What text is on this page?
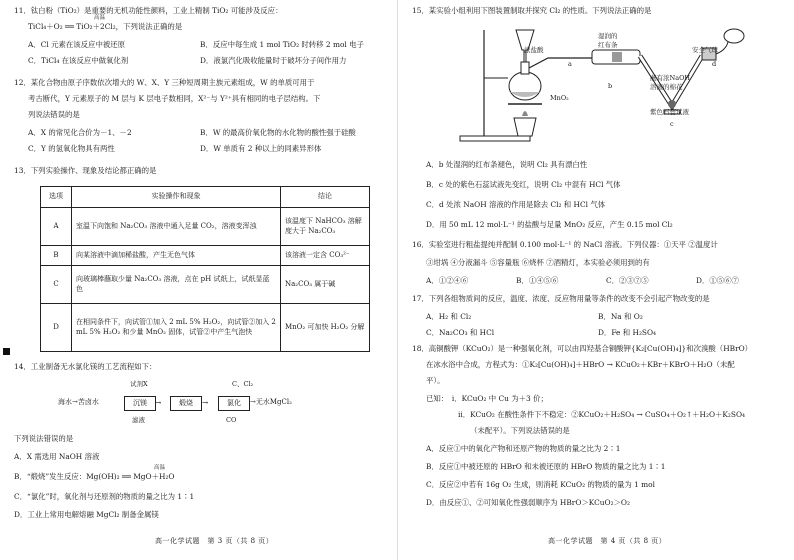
11．钛白粉（TiO₂）是重要的无机功能性颜料，工业上精制 TiO₂ 可能涉及反应：
高温
TiCl₄＋O₂ ══ TiO₂＋2Cl₂，下列说法正确的是
A．Cl 元素在该反应中被还原	B．反应中每生成 1 mol TiO₂ 时转移 2 mol 电子
C．TiCl₄ 在该反应中做氧化剂	D．液氯汽化吸收能量时于破坏分子间作用力
12．某化合物由原子序数依次增大的 W、X、Y 三种短周期主族元素组成，W 的单质可用于
考古断代，Y 元素原子的 M 层与 K 层电子数相同，X²⁻与 Y²⁺具有相同的电子层结构。下
列说法错误的是
A．X 的常见化合价为－1、－2	B．W 的最高价氧化物的水化物的酸性强于硅酸
C．Y 的氢氧化物具有两性	D．W 单质有 2 种以上的同素异形体
13．下列实验操作、现象及结论都正确的是
选项	实验操作和现象	结论
A	室温下向饱和 Na₂CO₃ 溶液中通入足量 CO₂，溶液变浑浊	该温度下 NaHCO₃ 溶解度大于 Na₂CO₃
B	向某溶液中滴加稀盐酸，产生无色气体	该溶液一定含 CO₃²⁻
C	向玻璃棒蘸取少量 Na₂CO₃ 溶液，点在 pH 试纸上，试纸显蓝色	Na₂CO₃ 属于碱
D	在相同条件下，向试管①加入 2 mL 5% H₂O₂，向试管②加入 2 mL 5% H₂O₂ 和少量 MnO₂ 固体，试管②中产生气泡快	MnO₂ 可加快 H₂O₂ 分解
14．工业制备无水氯化镁的工艺流程如下：
试剂X	C、Cl₂
海水→苦卤水	沉镁	→	煅烧	→	氯化	→无水MgCl₂
滤液	CO
下列说法错误的是
A．X 需选用 NaOH 溶液
高温
B．“煅烧”发生反应：Mg(OH)₂ ══ MgO＋H₂O
C．“氯化”时，氧化剂与还原剂的物质的量之比为 1∶1
D．工业上常用电解熔融 MgCl₂ 制备金属镁
高一化学试题　第 3 页（共 8 页）
15．某实验小组利用下图装置制取并探究 Cl₂ 的性质。下列说法正确的是
浓盐酸
湿润的
红布条
安全气球
蘸有浓NaOH
溶液的棉花
MnO₂
紫色石蕊试液
a
b
c
d
A．b 处湿润的红布条褪色，说明 Cl₂ 具有漂白性
B．c 处的紫色石蕊试液先变红，说明 Cl₂ 中混有 HCl 气体
C．d 处浓 NaOH 溶液的作用是除去 Cl₂ 和 HCl 气体
D．用 50 mL 12 mol·L⁻¹ 的盐酸与足量 MnO₂ 反应，产生 0.15 mol Cl₂
16．实验室进行粗盐提纯并配制 0.100 mol·L⁻¹ 的 NaCl 溶液。下列仪器：①天平 ②温度计
③坩埚 ④分液漏斗 ⑤容量瓶 ⑥烧杯 ⑦酒精灯，本实验必须用到的有
A．①②④⑥	B．①④⑤⑥	C．②③⑦⑤	D．①⑤⑥⑦
17．下列各组物质间的反应，温度、浓度、反应物用量等条件的改变不会引起产物改变的是
A．H₂ 和 Cl₂	B．Na 和 O₂
C．Na₂CO₃ 和 HCl	D．Fe 和 H₂SO₄
18．高铜酸钾（KCuO₂）是一种强氧化剂，可以由四羟基合铜酸钾{K₂[Cu(OH)₄]}和次溴酸（HBrO）
在冰水浴中合成，方程式为：①K₂[Cu(OH)₄]＋HBrO → KCuO₂＋KBr＋KBrO＋H₂O（未配
平）。
已知：　i．KCuO₂ 中 Cu 为＋3 价；
ii．KCuO₂ 在酸性条件下不稳定：②KCuO₂＋H₂SO₄ → CuSO₄＋O₂↑＋H₂O＋K₂SO₄
（未配平）。下列说法错误的是
A．反应①中的氧化产物和还原产物的物质的量之比为 2∶1
B．反应①中被还原的 HBrO 和未被还原的 HBrO 物质的量之比为 1∶1
C．反应②中若有 16g O₂ 生成，则消耗 KCuO₂ 的物质的量为 1 mol
D．由反应①、②可知氧化性强弱顺序为 HBrO＞KCuO₂＞O₂
高一化学试题　第 4 页（共 8 页）
